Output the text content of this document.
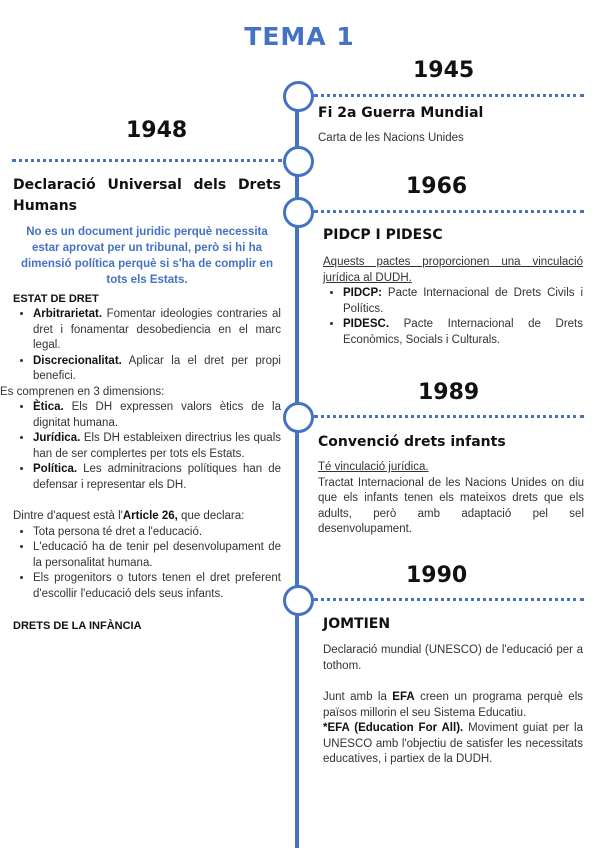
TEMA 1
1945
Fi 2a Guerra Mundial
Carta de les Nacions Unides
1948
Declaració Universal dels Drets Humans
No es un document juridic perquè necessita estar aprovat per un tribunal, però si hi ha dimensió política perquè si s'ha de complir en tots els Estats.
ESTAT DE DRET
• Arbitrarietat. Fomentar ideologies contraries al dret i fonamentar desobediencia en el marc legal.
• Discrecionalitat. Aplicar la el dret per propi benefici.
Es comprenen en 3 dimensions:
• Ètica. Els DH expressen valors ètics de la dignitat humana.
• Jurídica. Els DH estableixen directrius les quals han de ser complertes per tots els Estats.
• Política. Les adminitracions polítiques han de defensar i representar els DH.
Dintre d'aquest està l'Article 26, que declara:
• Tota persona té dret a l'educació.
• L'educació ha de tenir pel desenvolupament de la personalitat humana.
• Els progenitors o tutors tenen el dret preferent d'escollir l'educació dels seus infants.
DRETS DE LA INFÀNCIA
1966
PIDCP I PIDESC
Aquests pactes proporcionen una vinculació jurídica al DUDH.
• PIDCP: Pacte Internacional de Drets Civils i Polítics.
• PIDESC. Pacte Internacional de Drets Econòmics, Socials i Culturals.
1989
Convenció drets infants
Té vinculació jurídica.
Tractat Internacional de les Nacions Unides on diu que els infants tenen els mateixos drets que els adults, però amb adaptació pel sel desenvolupament.
1990
JOMTIEN
Declaració mundial (UNESCO) de l'educació per a tothom.
Junt amb la EFA creen un programa perquè els països millorin el seu Sistema Educatiu.
*EFA (Education For All). Moviment guiat per la UNESCO amb l'objectiu de satisfer les necessitats educatives, i partiex de la DUDH.
